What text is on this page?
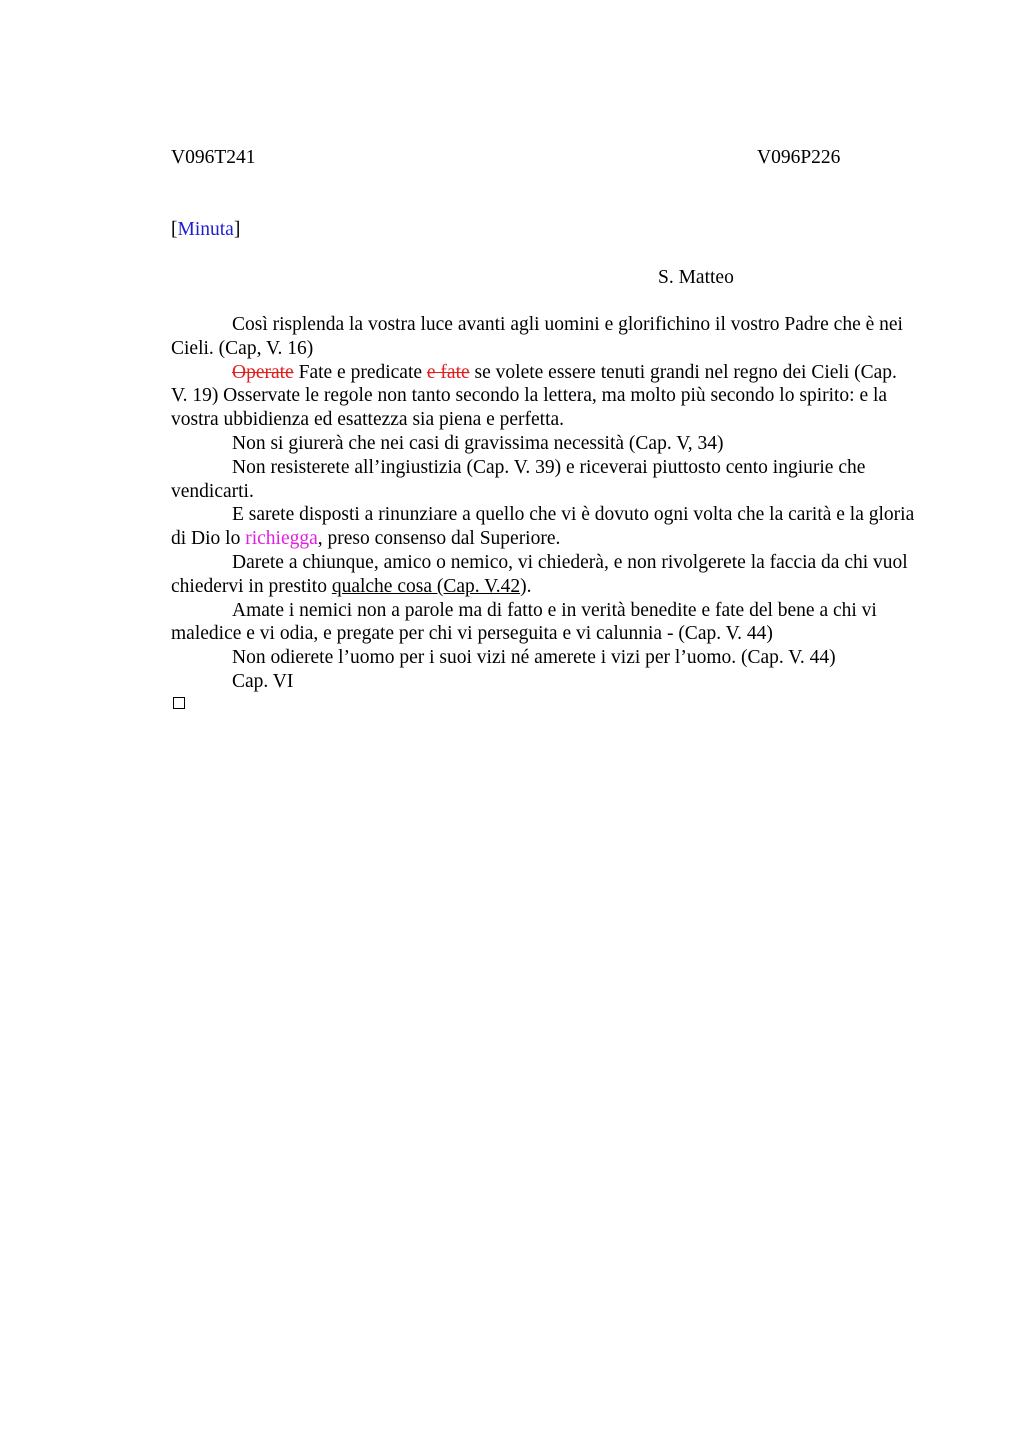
V096T241	V096P226
[Minuta]
S. Matteo

Così risplenda la vostra luce avanti agli uomini e glorifichino il vostro Padre che è nei Cieli. (Cap, V. 16)

Operate Fate e predicate e fate se volete essere tenuti grandi nel regno dei Cieli (Cap. V. 19) Osservate le regole non tanto secondo la lettera, ma molto più secondo lo spirito: e la vostra ubbidienza ed esattezza sia piena e perfetta.

Non si giurerà che nei casi di gravissima necessità (Cap. V, 34)

Non resisterete all’ingiustizia (Cap. V. 39) e riceverai piuttosto cento ingiurie che vendicarti.

E sarete disposti a rinunziare a quello che vi è dovuto ogni volta che la carità e la gloria di Dio lo richiegga, preso consenso dal Superiore.

Darete a chiunque, amico o nemico, vi chiederà, e non rivolgerete la faccia da chi vuol chiedervi in prestito qualche cosa (Cap. V.42).

Amate i nemici non a parole ma di fatto e in verità benedite e fate del bene a chi vi maledice e vi odia, e pregate per chi vi perseguita e vi calunnia - (Cap. V. 44)

Non odierete l’uomo per i suoi vizi né amerete i vizi per l’uomo. (Cap. V. 44)

Cap. VI
